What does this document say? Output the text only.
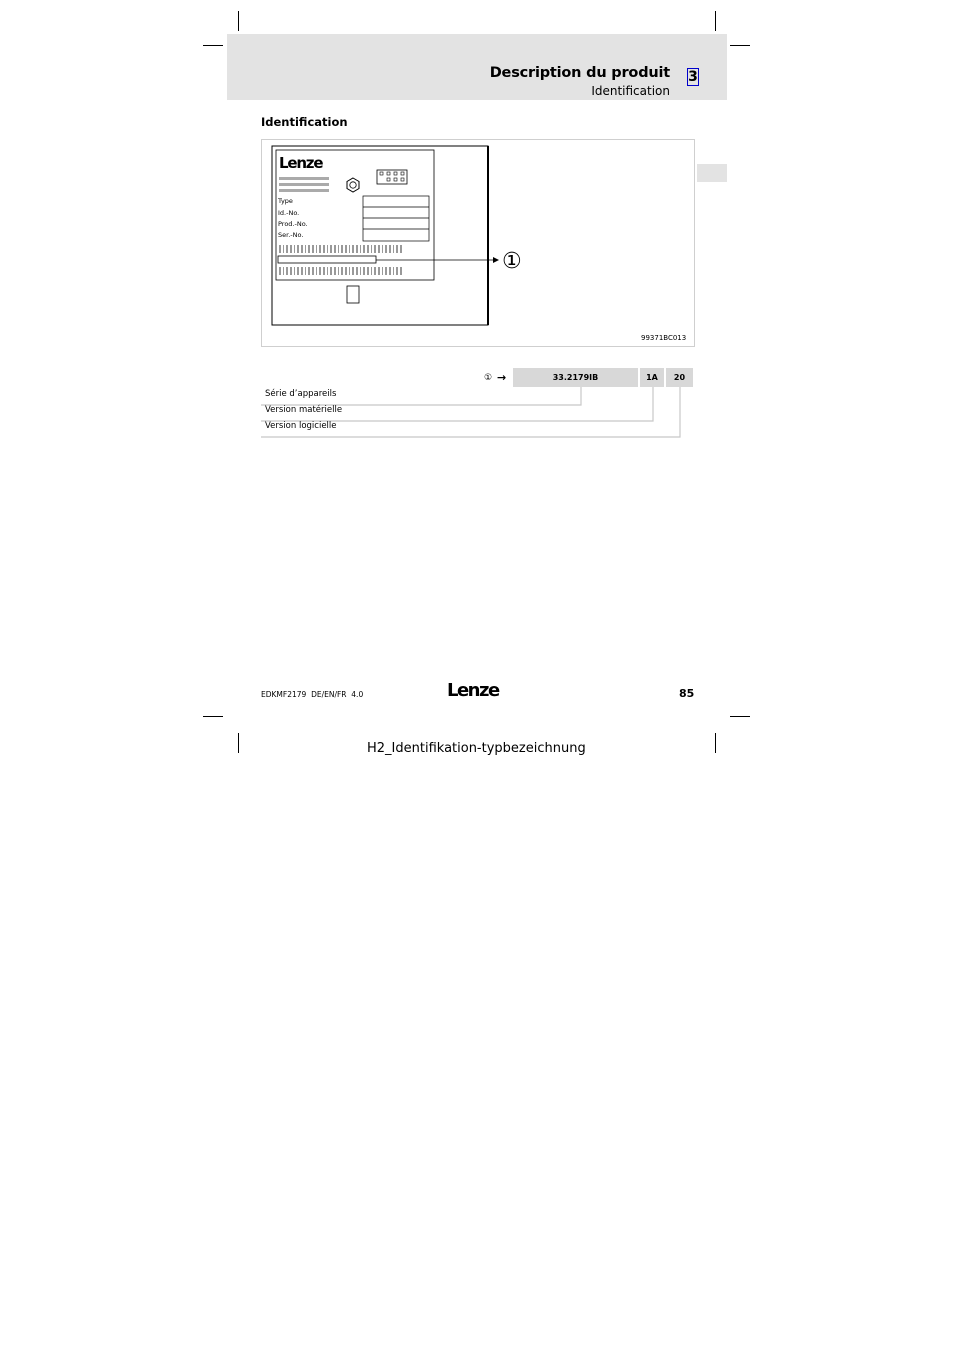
Description du produit
Identification
3
Identification
Lenze
Type
Id.-No.
Prod.-No.
Ser.-No.
①
99371BC013
① →	33.2179IB	1A	20
Série d’appareils
Version matérielle
Version logicielle
EDKMF2179  DE/EN/FR  4.0	Lenze	85
H2_Identifikation-typbezeichnung
